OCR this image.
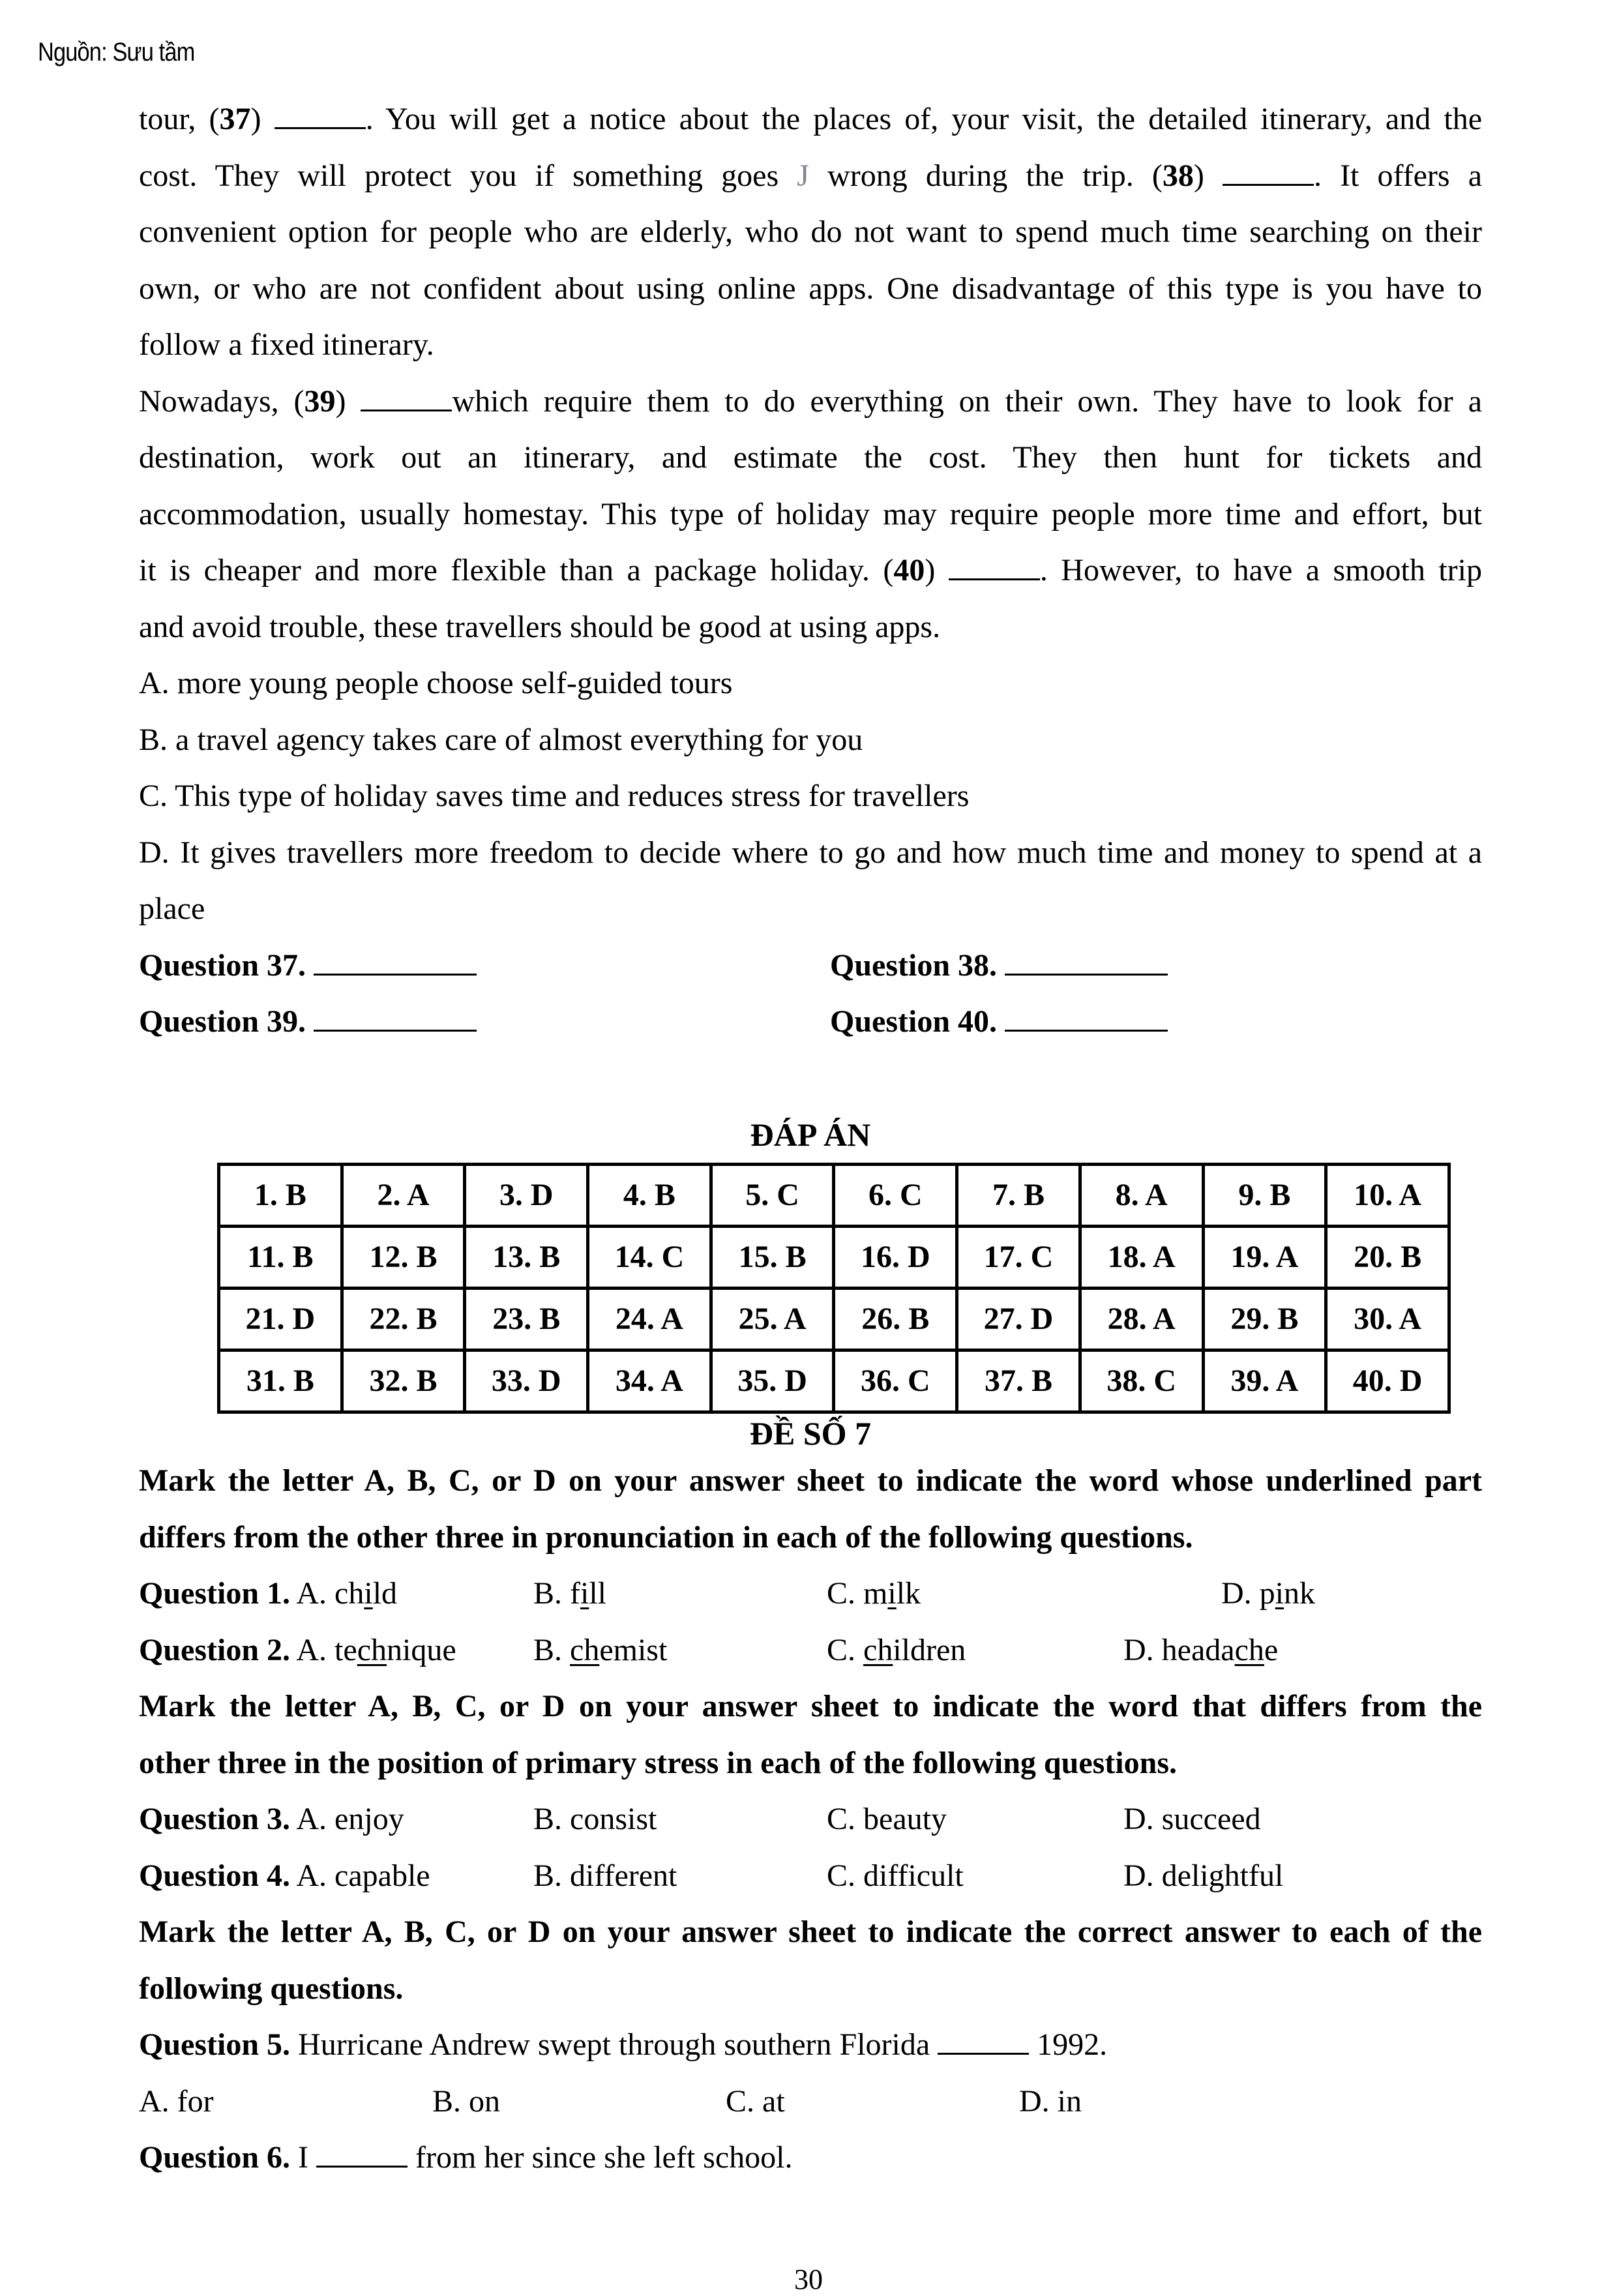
Nguồn: Sưu tầm
tour, (37)	. You will get a notice about the places of, your visit, the detailed itinerary, and the
cost. They will protect you if something goes J wrong during the trip. (38)	. It offers a
convenient option for people who are elderly, who do not want to spend much time searching on their
own, or who are not confident about using online apps. One disadvantage of this type is you have to
follow a fixed itinerary.
Nowadays, (39)	which require them to do everything on their own. They have to look for a
destination, work out an itinerary, and estimate the cost. They then hunt for tickets and
accommodation, usually homestay. This type of holiday may require people more time and effort, but
it is cheaper and more flexible than a package holiday. (40)	. However, to have a smooth trip
and avoid trouble, these travellers should be good at using apps.
A. more young people choose self-guided tours
B. a travel agency takes care of almost everything for you
C. This type of holiday saves time and reduces stress for travellers
D. It gives travellers more freedom to decide where to go and how much time and money to spend at a
place
Question 37.	Question 38.
Question 39.	Question 40.
ĐÁP ÁN
1. B	2. A	3. D	4. B	5. C	6. C	7. B	8. A	9. B	10. A
11. B	12. B	13. B	14. C	15. B	16. D	17. C	18. A	19. A	20. B
21. D	22. B	23. B	24. A	25. A	26. B	27. D	28. A	29. B	30. A
31. B	32. B	33. D	34. A	35. D	36. C	37. B	38. C	39. A	40. D
ĐỀ SỐ 7
Mark the letter A, B, C, or D on your answer sheet to indicate the word whose underlined part
differs from the other three in pronunciation in each of the following questions.
Question 1. A. child	B. fill	C. milk	D. pink
Question 2. A. technique	B. chemist	C. children	D. headache
Mark the letter A, B, C, or D on your answer sheet to indicate the word that differs from the
other three in the position of primary stress in each of the following questions.
Question 3. A. enjoy	B. consist	C. beauty	D. succeed
Question 4. A. capable	B. different	C. difficult	D. delightful
Mark the letter A, B, C, or D on your answer sheet to indicate the correct answer to each of the
following questions.
Question 5. Hurricane Andrew swept through southern Florida	1992.
A. for	B. on	C. at	D. in
Question 6. I	from her since she left school.
30
